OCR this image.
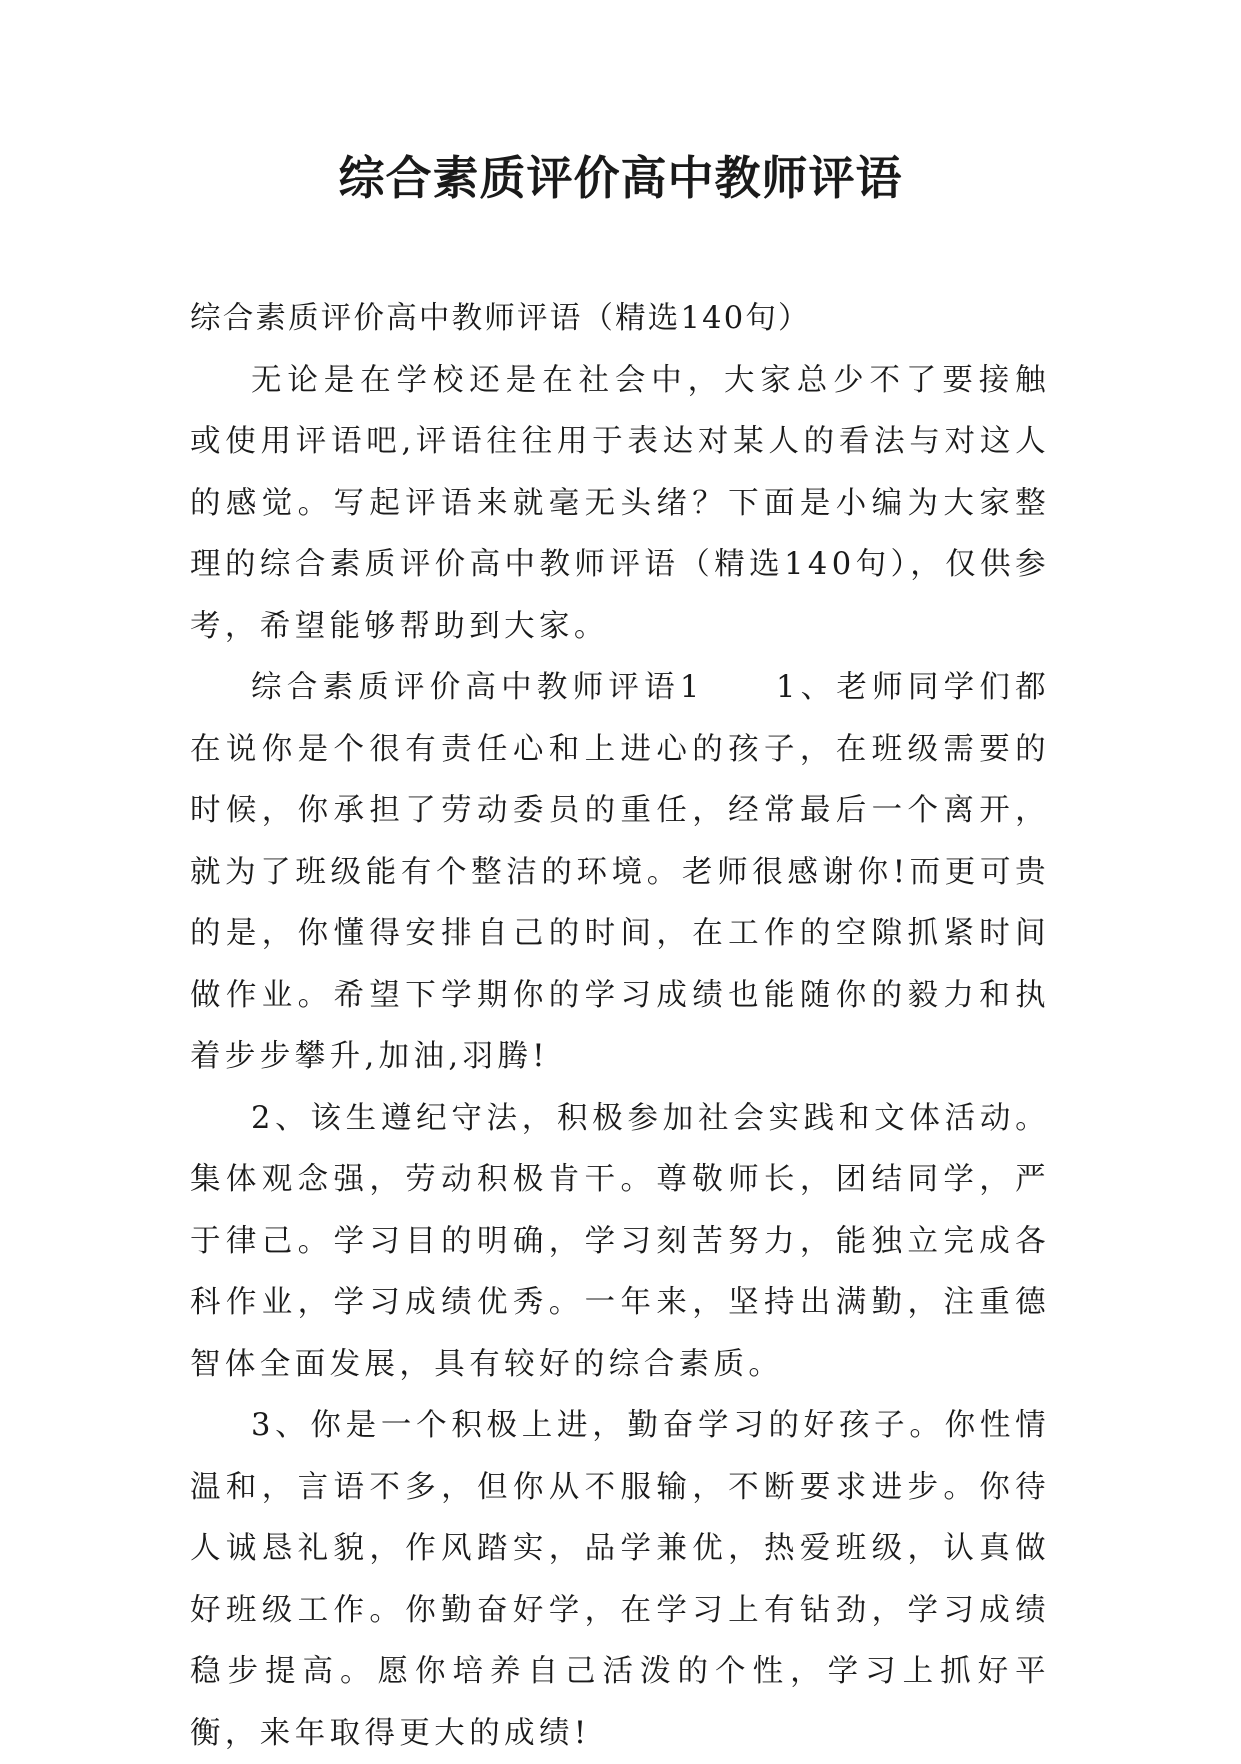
综合素质评价高中教师评语

综合素质评价高中教师评语（精选140句）

无论是在学校还是在社会中，大家总少不了要接触或使用评语吧,评语往往用于表达对某人的看法与对这人的感觉。写起评语来就毫无头绪？下面是小编为大家整理的综合素质评价高中教师评语（精选140句），仅供参考，希望能够帮助到大家。

综合素质评价高中教师评语1　　1、老师同学们都在说你是个很有责任心和上进心的孩子，在班级需要的时候，你承担了劳动委员的重任，经常最后一个离开，就为了班级能有个整洁的环境。老师很感谢你!而更可贵的是，你懂得安排自己的时间，在工作的空隙抓紧时间做作业。希望下学期你的学习成绩也能随你的毅力和执着步步攀升,加油,羽腾!

2、该生遵纪守法，积极参加社会实践和文体活动。集体观念强，劳动积极肯干。尊敬师长，团结同学，严于律己。学习目的明确，学习刻苦努力，能独立完成各科作业，学习成绩优秀。一年来，坚持出满勤，注重德智体全面发展，具有较好的综合素质。

3、你是一个积极上进，勤奋学习的好孩子。你性情温和，言语不多，但你从不服输，不断要求进步。你待人诚恳礼貌，作风踏实，品学兼优，热爱班级，认真做好班级工作。你勤奋好学，在学习上有钻劲，学习成绩稳步提高。愿你培养自己活泼的个性，学习上抓好平衡，来年取得更大的成绩!
